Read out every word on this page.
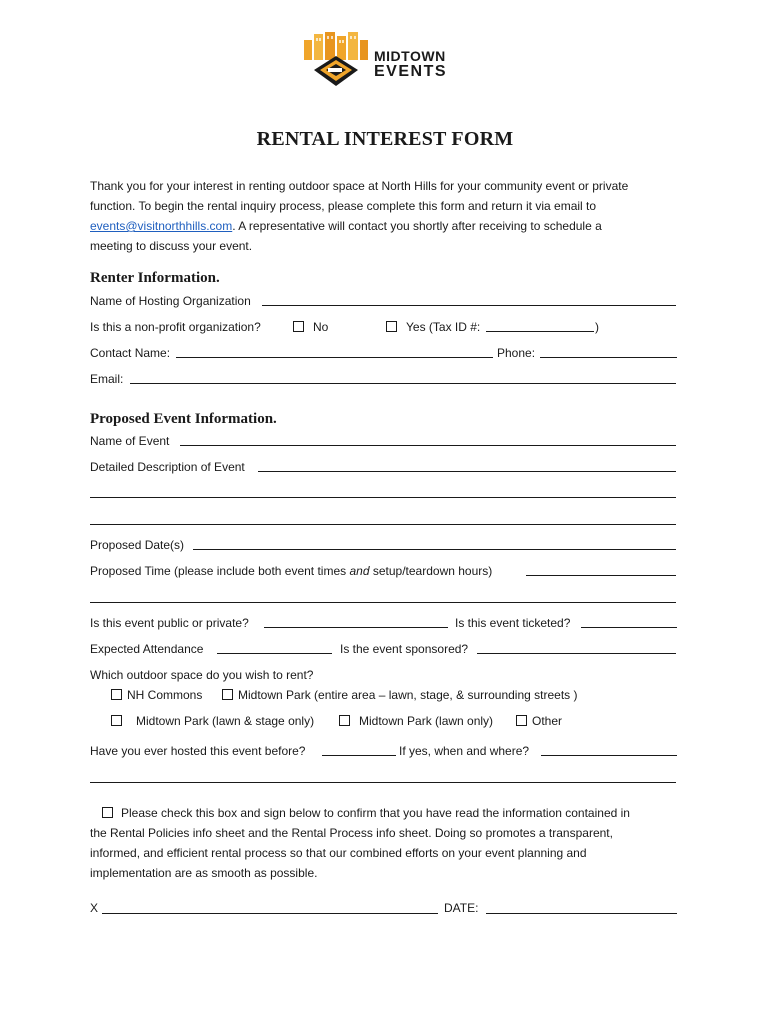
MIDTOWN
EVENTS
RENTAL INTEREST FORM

Thank you for your interest in renting outdoor space at North Hills for your community event or private

function. To begin the rental inquiry process, please complete this form and return it via email to

events@visitnorthhills.com. A representative will contact you shortly after receiving to schedule a

meeting to discuss your event.

Renter Information.
Name of Hosting Organization
Is this a non-profit organization?	No	Yes (Tax ID #:	)
Contact Name:	Phone:
Email:
Proposed Event Information.
Name of Event
Detailed Description of Event
Proposed Date(s)
Proposed Time (please include both event times and setup/teardown hours)
Is this event public or private?	Is this event ticketed?
Expected Attendance	Is the event sponsored?
Which outdoor space do you wish to rent?
NH Commons	Midtown Park (entire area – lawn, stage, & surrounding streets )
Midtown Park (lawn & stage only)	Midtown Park (lawn only)	Other
Have you ever hosted this event before?	If yes, when and where?

Please check this box and sign below to confirm that you have read the information contained in

the Rental Policies info sheet and the Rental Process info sheet. Doing so promotes a transparent,

informed, and efficient rental process so that our combined efforts on your event planning and

implementation are as smooth as possible.

X	DATE:
